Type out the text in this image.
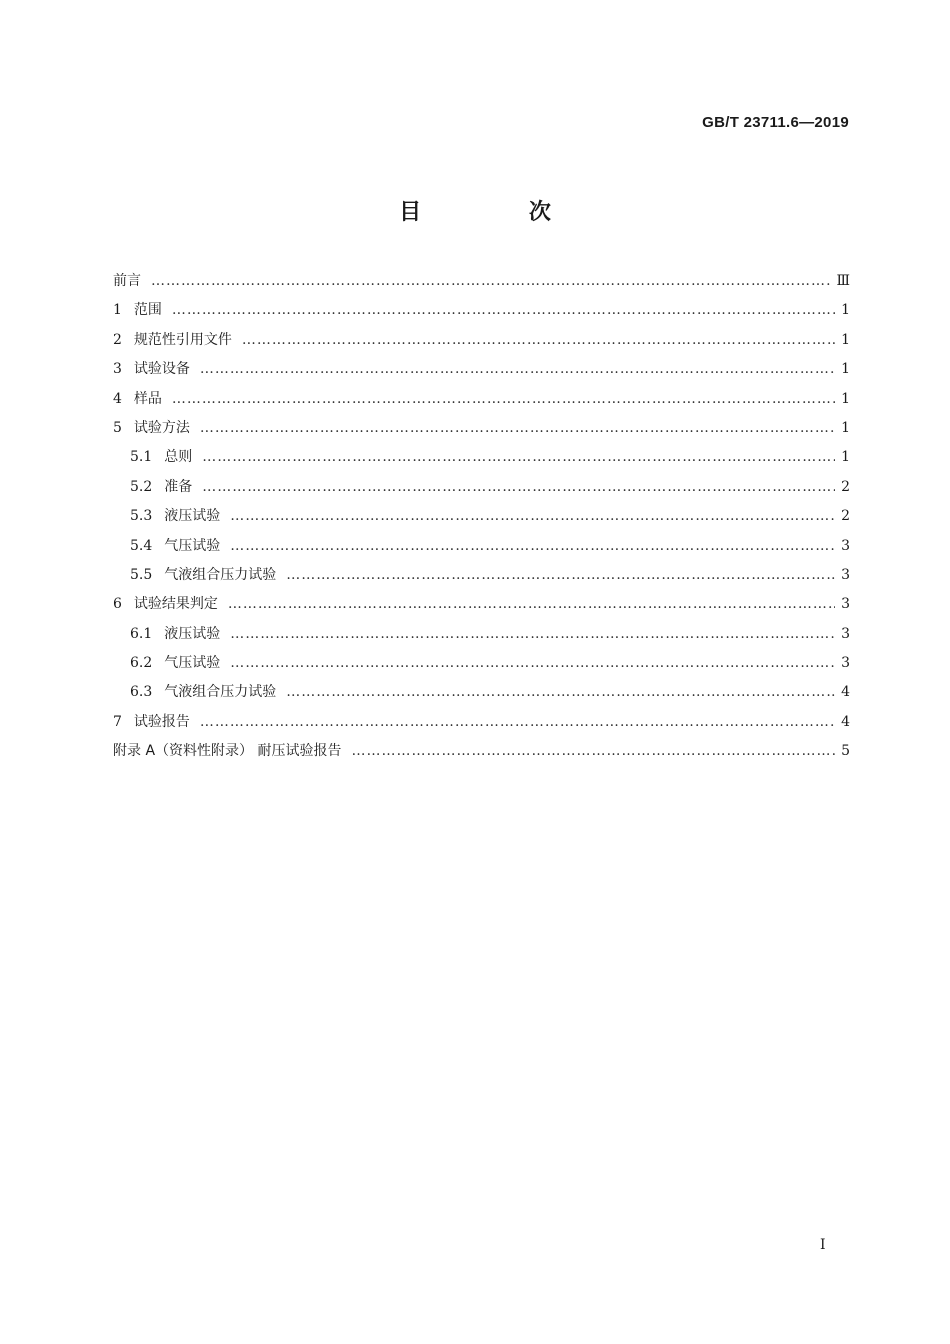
GB/T 23711.6—2019
目 次
前言 …………………………………………………………………………………………………………………………………………………………………………………………………………………………………………	Ⅲ
1 范围 …………………………………………………………………………………………………………………………………………………………………………………………………………………………………………	1
2 规范性引用文件 …………………………………………………………………………………………………………………………………………………………………………………………………………………………………………	1
3 试验设备 …………………………………………………………………………………………………………………………………………………………………………………………………………………………………………	1
4 样品 …………………………………………………………………………………………………………………………………………………………………………………………………………………………………………	1
5 试验方法 …………………………………………………………………………………………………………………………………………………………………………………………………………………………………………	1
5.1 总则 …………………………………………………………………………………………………………………………………………………………………………………………………………………………………………	1
5.2 准备 …………………………………………………………………………………………………………………………………………………………………………………………………………………………………………	2
5.3 液压试验 …………………………………………………………………………………………………………………………………………………………………………………………………………………………………………	2
5.4 气压试验 …………………………………………………………………………………………………………………………………………………………………………………………………………………………………………	3
5.5 气液组合压力试验 …………………………………………………………………………………………………………………………………………………………………………………………………………………………………………	3
6 试验结果判定 …………………………………………………………………………………………………………………………………………………………………………………………………………………………………………	3
6.1 液压试验 …………………………………………………………………………………………………………………………………………………………………………………………………………………………………………	3
6.2 气压试验 …………………………………………………………………………………………………………………………………………………………………………………………………………………………………………	3
6.3 气液组合压力试验 …………………………………………………………………………………………………………………………………………………………………………………………………………………………………………	4
7 试验报告 …………………………………………………………………………………………………………………………………………………………………………………………………………………………………………	4
附录 A（资料性附录） 耐压试验报告 …………………………………………………………………………………………………………………………………………………………………………………………………………………………………………	5
I
